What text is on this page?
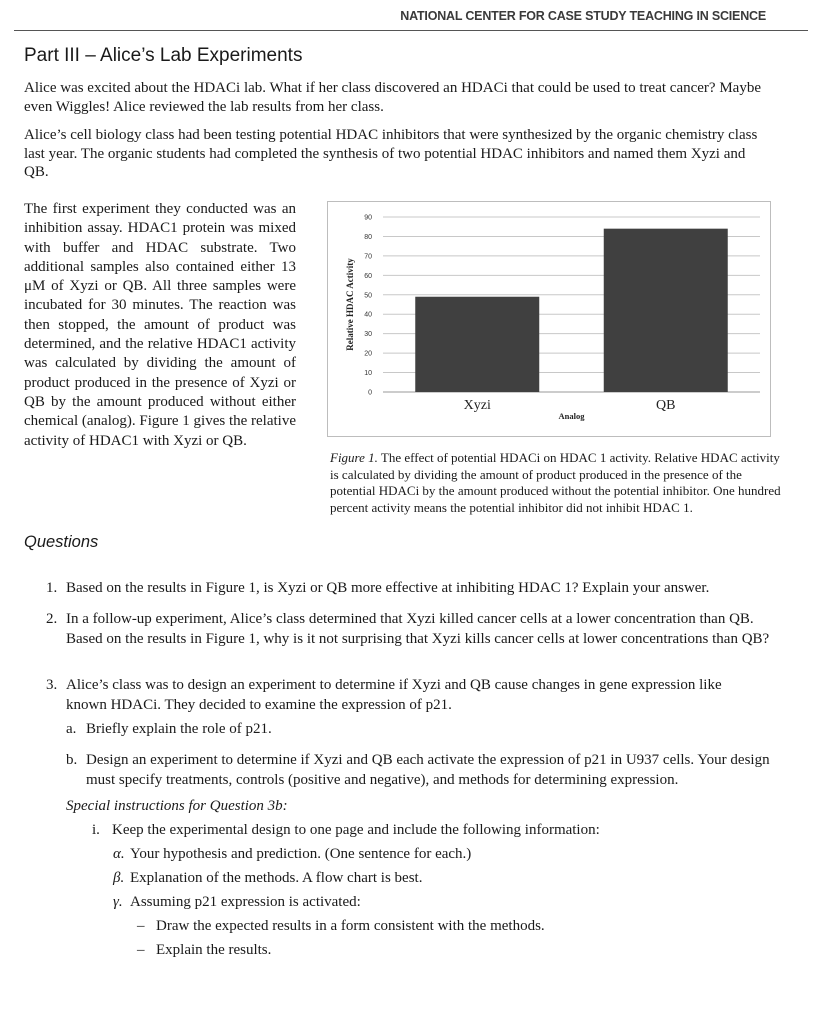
NATIONAL CENTER FOR CASE STUDY TEACHING IN SCIENCE
Part III – Alice’s Lab Experiments

Alice was excited about the HDACi lab. What if her class discovered an HDACi that could be used to treat cancer? Maybe even Wiggles! Alice reviewed the lab results from her class.

Alice’s cell biology class had been testing potential HDAC inhibitors that were synthesized by the organic chemistry class last year. The organic students had completed the synthesis of two potential HDAC inhibitors and named them Xyzi and QB.

The first experiment they conducted was an inhibition assay. HDAC1 protein was mixed with buffer and HDAC substrate. Two additional samples also contained either 13 μM of Xyzi or QB. All three samples were incubated for 30 minutes. The reaction was then stopped, the amount of product was determined, and the relative HDAC1 activity was calculated by dividing the amount of product produced in the presence of Xyzi or QB by the amount produced without either chemical (analog). Figure 1 gives the relative activity of HDAC1 with Xyzi or QB.

0
10
20
30
40
50
60
70
80
90
Xyzi	QB
Analog
Relative HDAC Activity

Figure 1. The effect of potential HDACi on HDAC 1 activity. Relative HDAC activity is calculated by dividing the amount of product produced in the presence of the potential HDACi by the amount produced without the potential inhibitor. One hundred percent activity means the potential inhibitor did not inhibit HDAC 1.

Questions
1. Based on the results in Figure 1, is Xyzi or QB more effective at inhibiting HDAC 1? Explain your answer.
2. In a follow-up experiment, Alice’s class determined that Xyzi killed cancer cells at a lower concentration than QB. Based on the results in Figure 1, why is it not surprising that Xyzi kills cancer cells at lower concentrations than QB?
3. Alice’s class was to design an experiment to determine if Xyzi and QB cause changes in gene expression like known HDACi. They decided to examine the expression of p21.
a. Briefly explain the role of p21.
b. Design an experiment to determine if Xyzi and QB each activate the expression of p21 in U937 cells. Your design must specify treatments, controls (positive and negative), and methods for determining expression.
Special instructions for Question 3b:
i. Keep the experimental design to one page and include the following information:
α. Your hypothesis and prediction. (One sentence for each.)
β. Explanation of the methods. A flow chart is best.
γ. Assuming p21 expression is activated:
– Draw the expected results in a form consistent with the methods.
– Explain the results.
